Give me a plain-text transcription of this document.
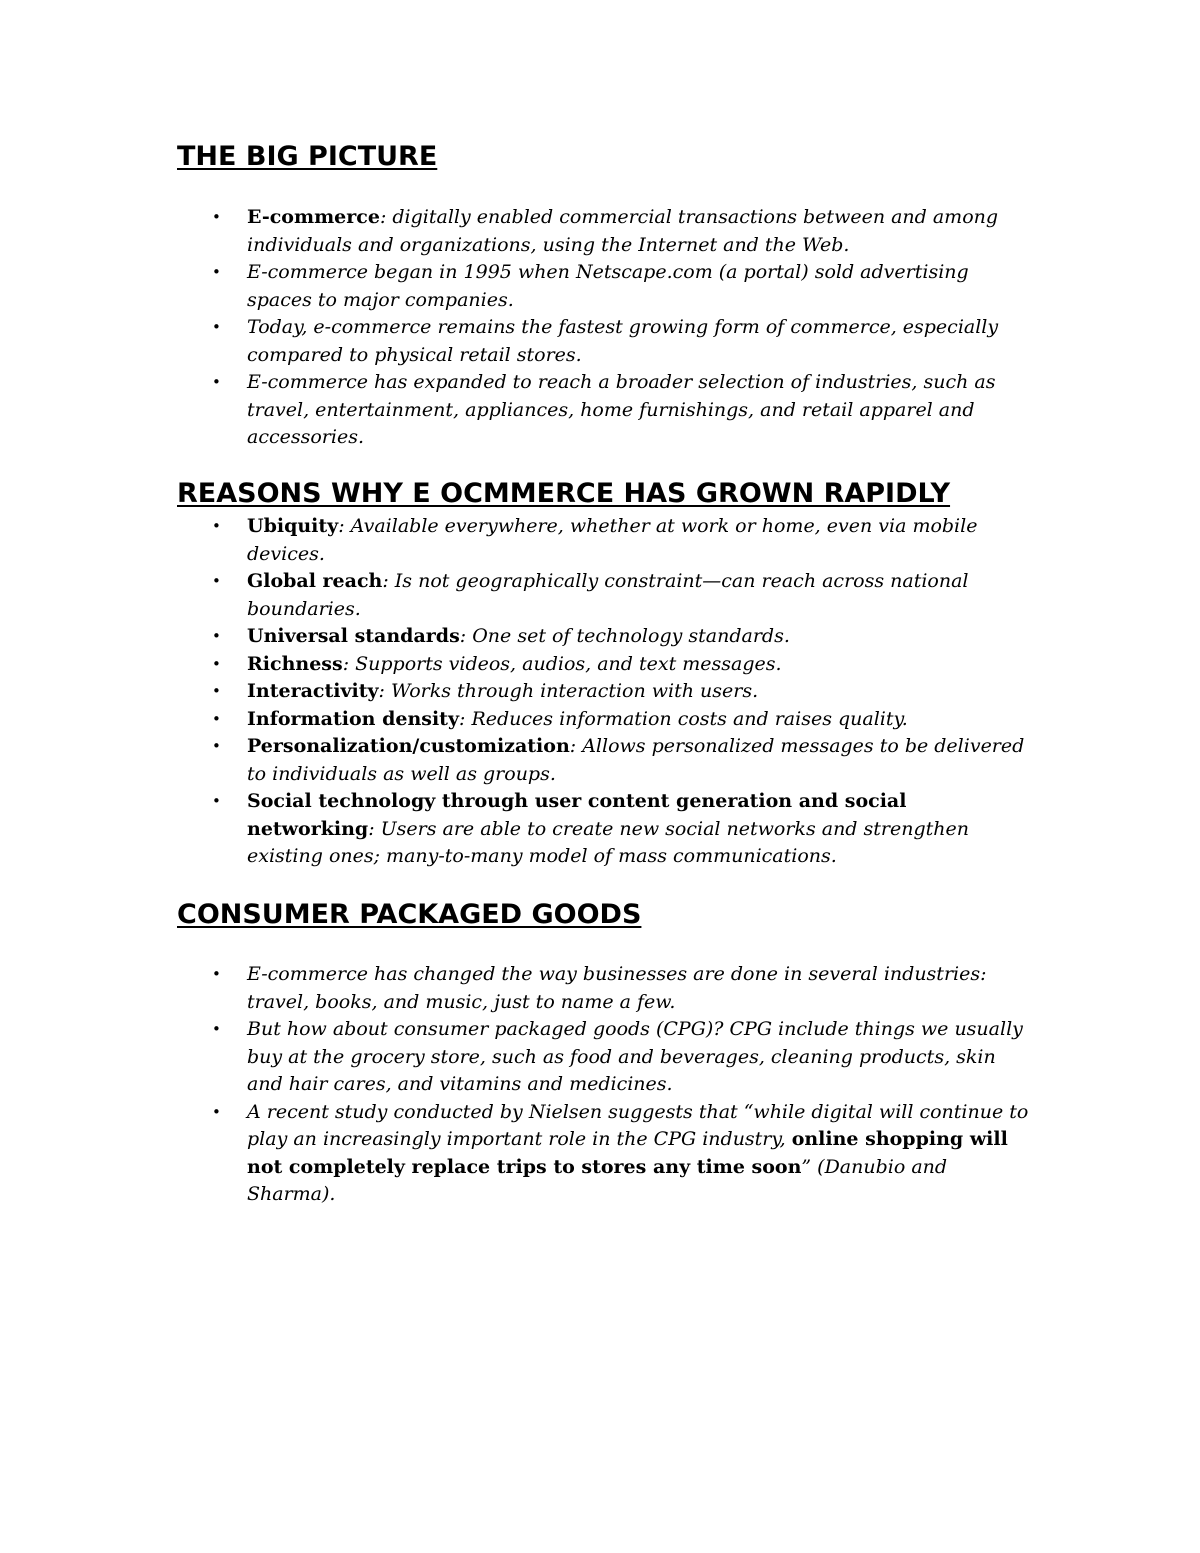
THE BIG PICTURE
• E-commerce: digitally enabled commercial transactions between and among individuals and organizations, using the Internet and the Web.
• E-commerce began in 1995 when Netscape.com (a portal) sold advertising spaces to major companies.
• Today, e-commerce remains the fastest growing form of commerce, especially compared to physical retail stores.
• E-commerce has expanded to reach a broader selection of industries, such as travel, entertainment, appliances, home furnishings, and retail apparel and accessories.
REASONS WHY E OCMMERCE HAS GROWN RAPIDLY
• Ubiquity: Available everywhere, whether at work or home, even via mobile devices.
• Global reach: Is not geographically constraint—can reach across national boundaries.
• Universal standards: One set of technology standards.
• Richness: Supports videos, audios, and text messages.
• Interactivity: Works through interaction with users.
• Information density: Reduces information costs and raises quality.
• Personalization/customization: Allows personalized messages to be delivered to individuals as well as groups.
• Social technology through user content generation and social networking: Users are able to create new social networks and strengthen existing ones; many-to-many model of mass communications.
CONSUMER PACKAGED GOODS
• E-commerce has changed the way businesses are done in several industries: travel, books, and music, just to name a few.
• But how about consumer packaged goods (CPG)? CPG include things we usually buy at the grocery store, such as food and beverages, cleaning products, skin and hair cares, and vitamins and medicines.
• A recent study conducted by Nielsen suggests that “while digital will continue to play an increasingly important role in the CPG industry, online shopping will not completely replace trips to stores any time soon” (Danubio and Sharma).
